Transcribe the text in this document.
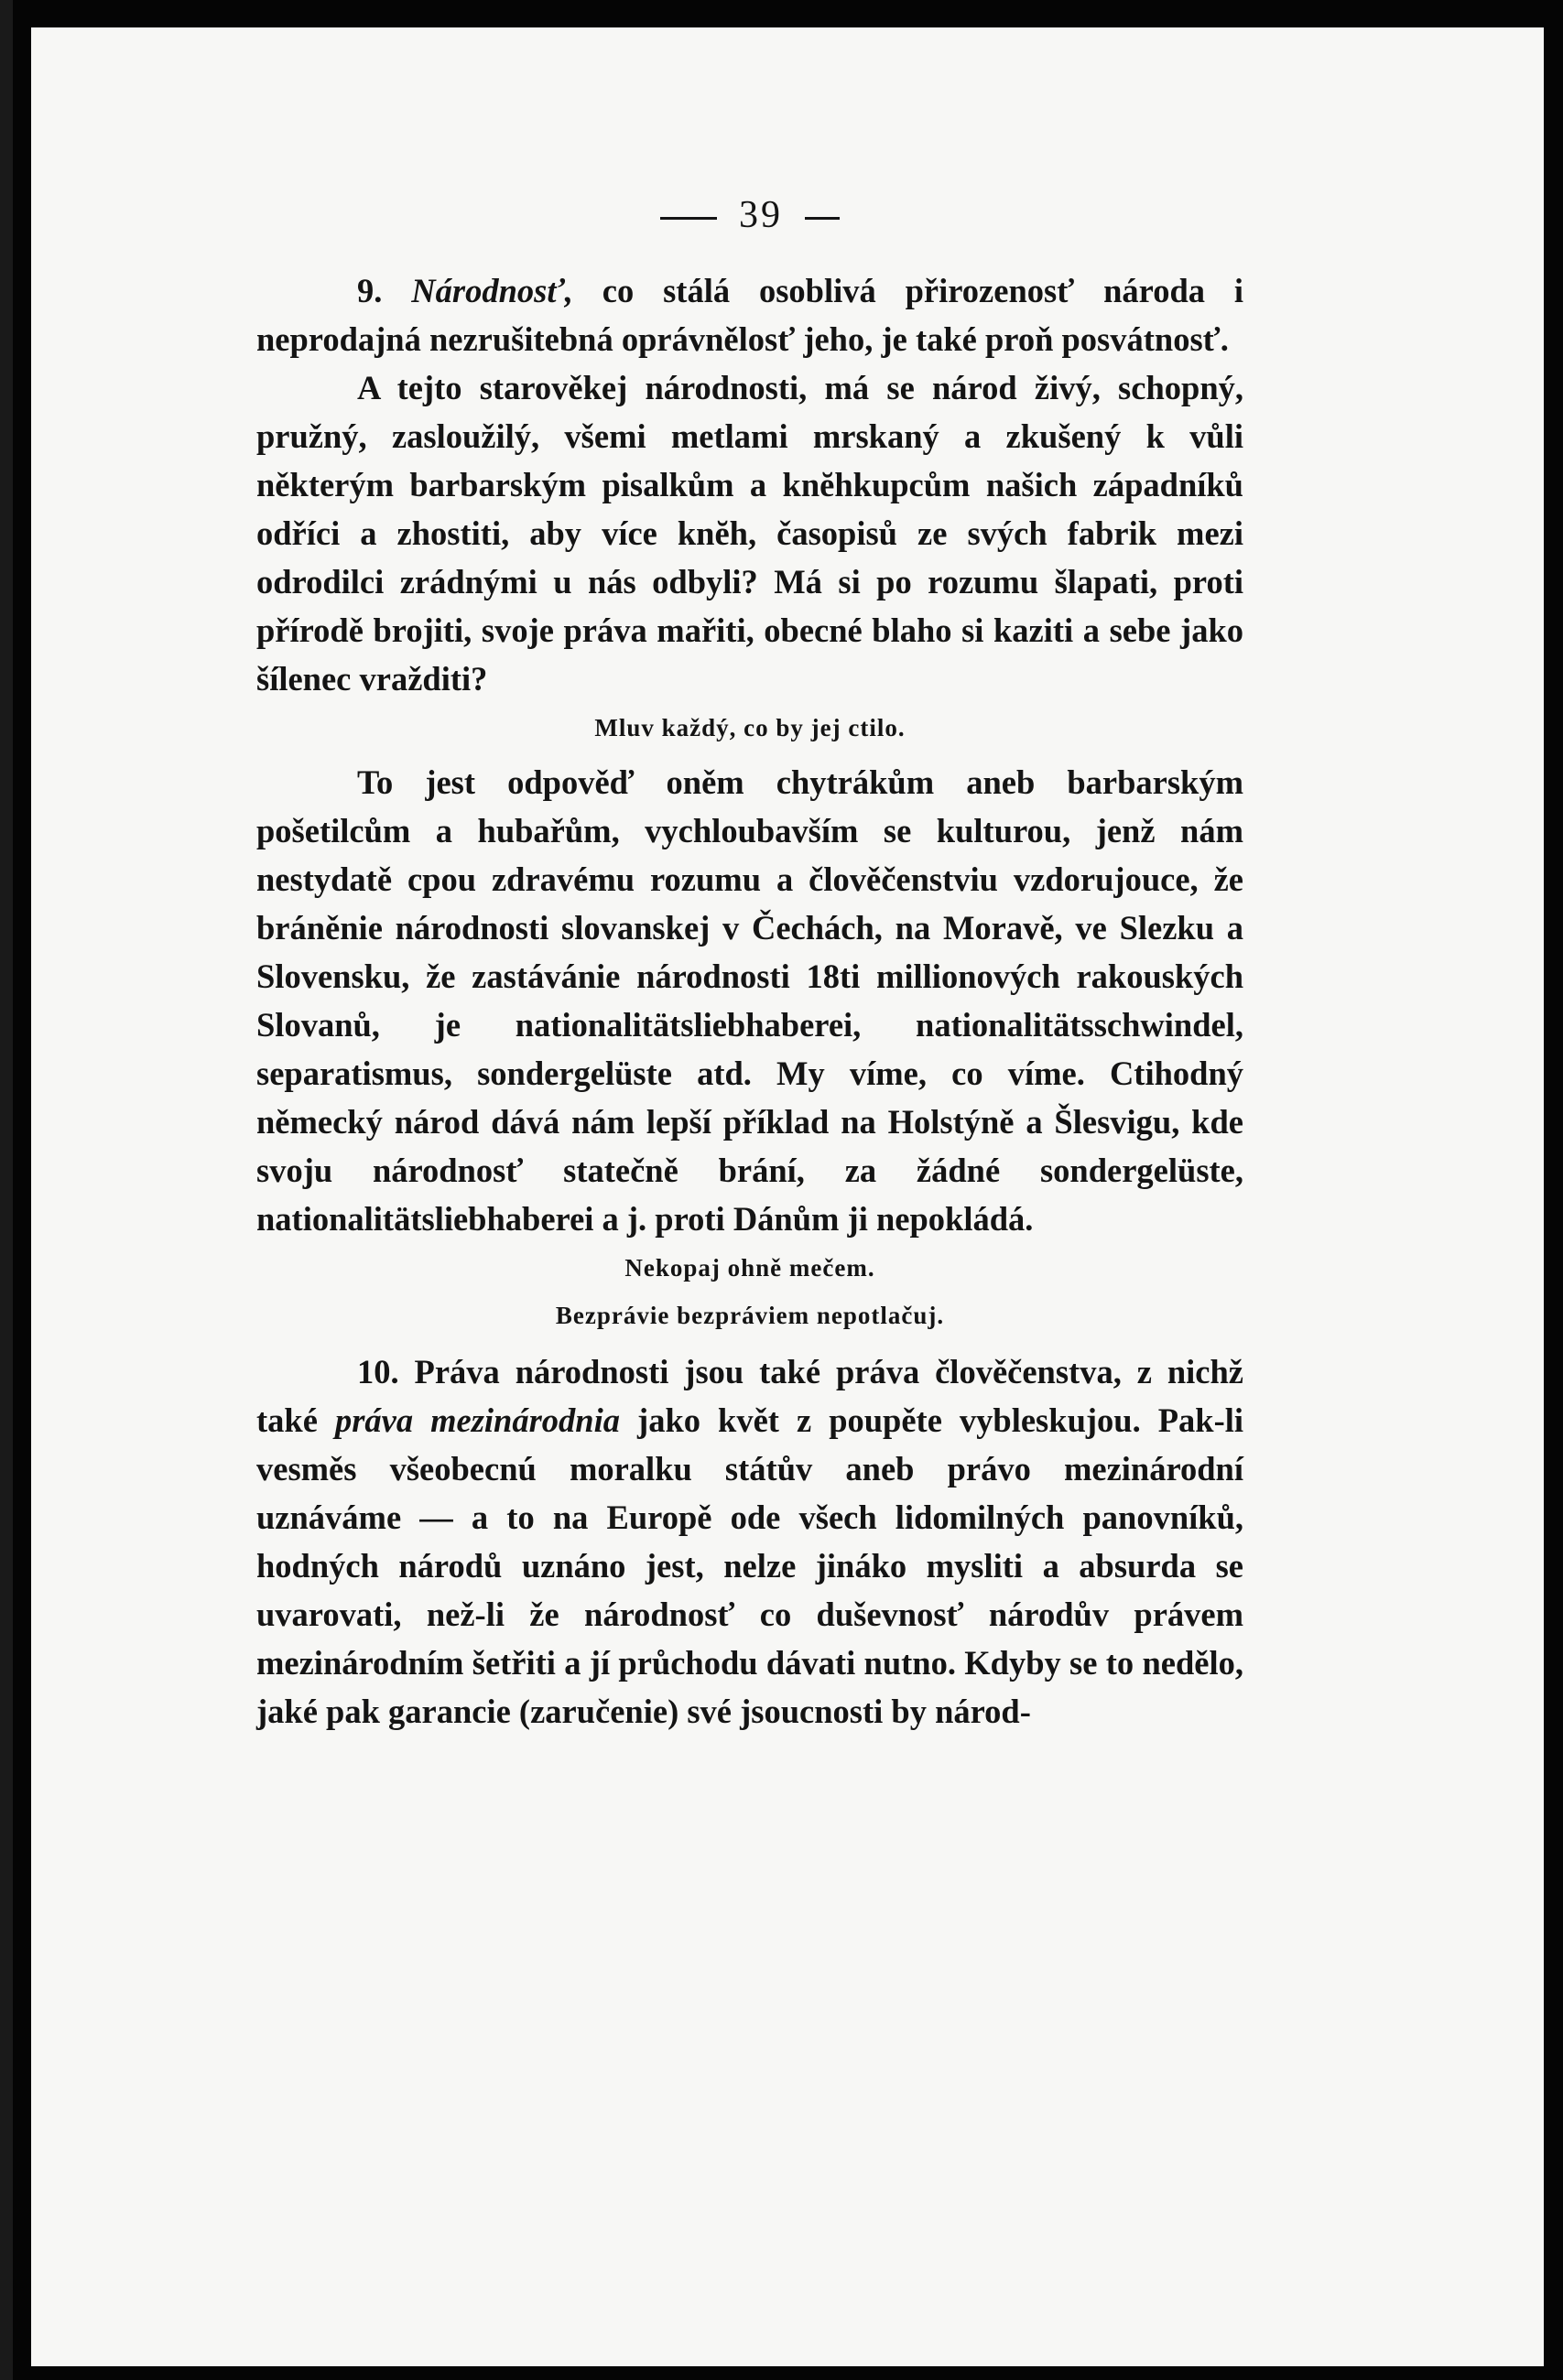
39

9. Národnosť, co stálá osoblivá přirozenosť národa i neprodajná nezrušitebná oprávnělosť jeho, je také proň posvátnosť.

A tejto starověkej národnosti, má se národ živý, schopný, pružný, zasloužilý, všemi metlami mrskaný a zkušený k vůli některým barbarským pisalkům a knĕhkupcům našich západníků odříci a zhostiti, aby více knĕh, časopisů ze svých fabrik mezi odrodilci zrádnými u nás odbyli? Má si po rozumu šlapati, proti přírodě brojiti, svoje práva mařiti, obecné blaho si kaziti a sebe jako šílenec vražditi?

Mluv každý, co by jej ctilo.

To jest odpověď oněm chytrákům aneb barbarským pošetilcům a hubařům, vychloubavším se kulturou, jenž nám nestydatě cpou zdravému rozumu a člověčenstviu vzdorujouce, že bráněnie národnosti slovanskej v Čechách, na Moravě, ve Slezku a Slovensku, že zastávánie národnosti 18ti millionových rakouských Slovanů, je nationalitätsliebhaberei, nationalitätsschwindel, separatismus, sondergelüste atd. My víme, co víme. Ctihodný německý národ dává nám lepší příklad na Holstýně a Šlesvigu, kde svoju národnosť statečně brání, za žádné sondergelüste, nationalitätsliebhaberei a j. proti Dánům ji nepokládá.

Nekopaj ohně mečem.
Bezprávie bezpráviem nepotlačuj.

10. Práva národnosti jsou také práva člověčenstva, z nichž také práva mezinárodnia jako květ z poupěte vybleskujou. Pak-li vesměs všeobecnú moralku státův aneb právo mezinárodní uznáváme — a to na Europě ode všech lidomilných panovníků, hodných národů uznáno jest, nelze jináko mysliti a absurda se uvarovati, než-li že národnosť co duševnosť národův právem mezinárodním šetřiti a jí průchodu dávati nutno. Kdyby se to nedělo, jaké pak garancie (zaručenie) své jsoucnosti by národ-
